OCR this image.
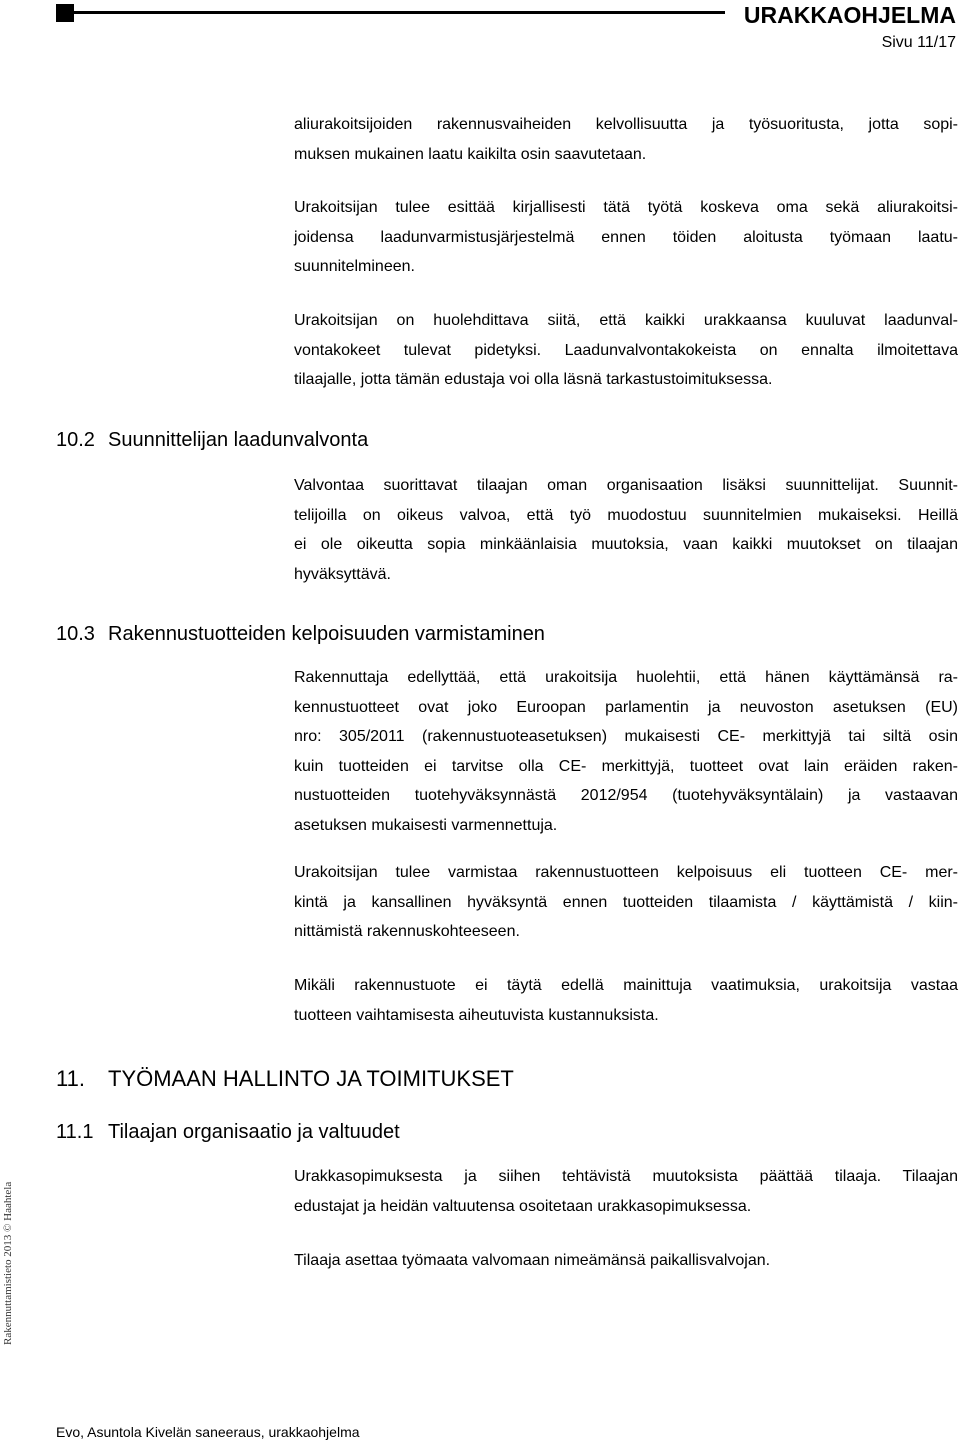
URAKKAOHJELMA
Sivu 11/17
aliurakoitsijoiden rakennusvaiheiden kelvollisuutta ja työsuoritusta, jotta sopi-
muksen mukainen laatu kaikilta osin saavutetaan.
Urakoitsijan tulee esittää kirjallisesti tätä työtä koskeva oma sekä aliurakoitsi-
joidensa laadunvarmistusjärjestelmä ennen töiden aloitusta työmaan laatu-
suunnitelmineen.
Urakoitsijan on huolehdittava siitä, että kaikki urakkaansa kuuluvat laadunval-
vontakokeet tulevat pidetyksi. Laadunvalvontakokeista on ennalta ilmoitettava
tilaajalle, jotta tämän edustaja voi olla läsnä tarkastustoimituksessa.
10.2 Suunnittelijan laadunvalvonta
Valvontaa suorittavat tilaajan oman organisaation lisäksi suunnittelijat. Suunnit-
telijoilla on oikeus valvoa, että työ muodostuu suunnitelmien mukaiseksi. Heillä
ei ole oikeutta sopia minkäänlaisia muutoksia, vaan kaikki muutokset on tilaajan
hyväksyttävä.
10.3 Rakennustuotteiden kelpoisuuden varmistaminen
Rakennuttaja edellyttää, että urakoitsija huolehtii, että hänen käyttämänsä ra-
kennustuotteet ovat joko Euroopan parlamentin ja neuvoston asetuksen (EU)
nro: 305/2011 (rakennustuoteasetuksen) mukaisesti CE- merkittyjä tai siltä osin
kuin tuotteiden ei tarvitse olla CE- merkittyjä, tuotteet ovat lain eräiden raken-
nustuotteiden tuotehyväksynnästä 2012/954 (tuotehyväksyntälain) ja vastaavan
asetuksen mukaisesti varmennettuja.
Urakoitsijan tulee varmistaa rakennustuotteen kelpoisuus eli tuotteen CE- mer-
kintä ja kansallinen hyväksyntä ennen tuotteiden tilaamista / käyttämistä / kiin-
nittämistä rakennuskohteeseen.
Mikäli rakennustuote ei täytä edellä mainittuja vaatimuksia, urakoitsija vastaa
tuotteen vaihtamisesta aiheutuvista kustannuksista.
11. TYÖMAAN HALLINTO JA TOIMITUKSET
11.1 Tilaajan organisaatio ja valtuudet
Urakkasopimuksesta ja siihen tehtävistä muutoksista päättää tilaaja. Tilaajan
edustajat ja heidän valtuutensa osoitetaan urakkasopimuksessa.
Tilaaja asettaa työmaata valvomaan nimeämänsä paikallisvalvojan.
Rakennuttamistieto 2013 © Haahtela
Evo, Asuntola Kivelän saneeraus, urakkaohjelma
